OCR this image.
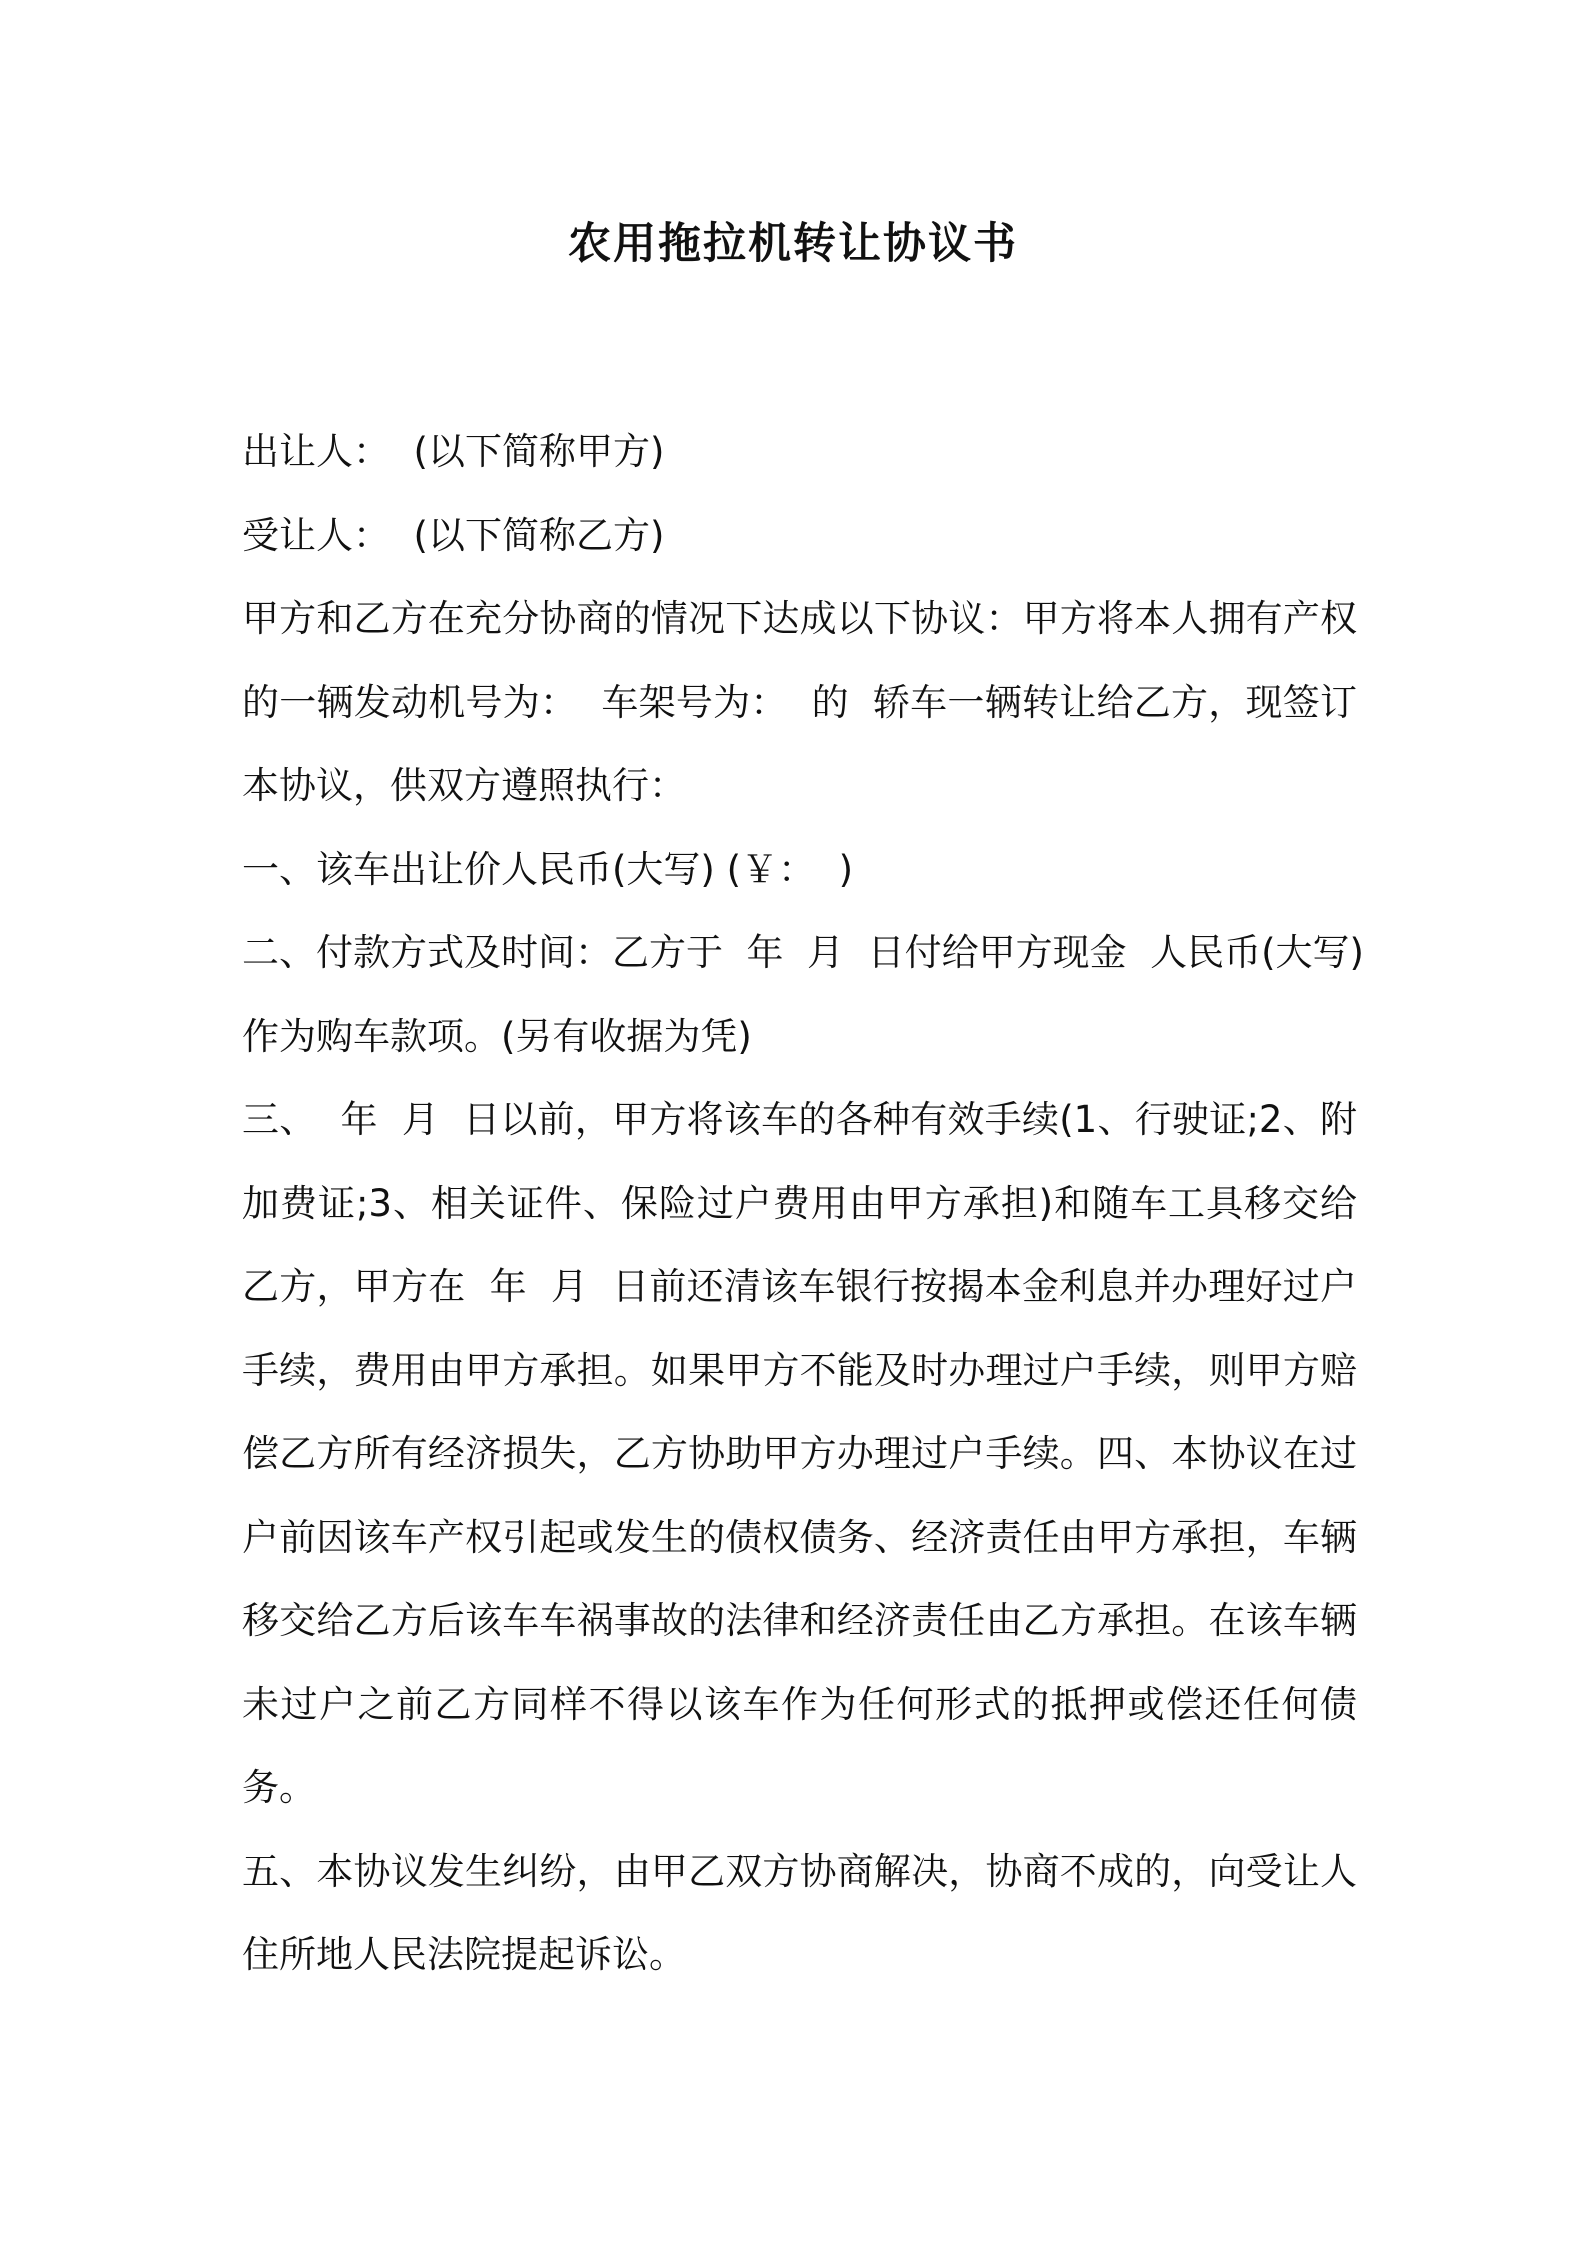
农用拖拉机转让协议书
出让人：  (以下简称甲方)
受让人：  (以下简称乙方)
甲方和乙方在充分协商的情况下达成以下协议：甲方将本人拥有产权
的一辆发动机号为：  车架号为：  的  轿车一辆转让给乙方，现签订
本协议，供双方遵照执行：
一、该车出让价人民币(大写) (￥：  )
二、付款方式及时间：乙方于  年  月  日付给甲方现金  人民币(大写)
作为购车款项。(另有收据为凭)
三、  年  月  日以前，甲方将该车的各种有效手续(1、行驶证;2、附
加费证;3、相关证件、保险过户费用由甲方承担)和随车工具移交给
乙方，甲方在  年  月  日前还清该车银行按揭本金利息并办理好过户
手续，费用由甲方承担。如果甲方不能及时办理过户手续，则甲方赔
偿乙方所有经济损失，乙方协助甲方办理过户手续。四、本协议在过
户前因该车产权引起或发生的债权债务、经济责任由甲方承担，车辆
移交给乙方后该车车祸事故的法律和经济责任由乙方承担。在该车辆
未过户之前乙方同样不得以该车作为任何形式的抵押或偿还任何债
务。
五、本协议发生纠纷，由甲乙双方协商解决，协商不成的，向受让人
住所地人民法院提起诉讼。
